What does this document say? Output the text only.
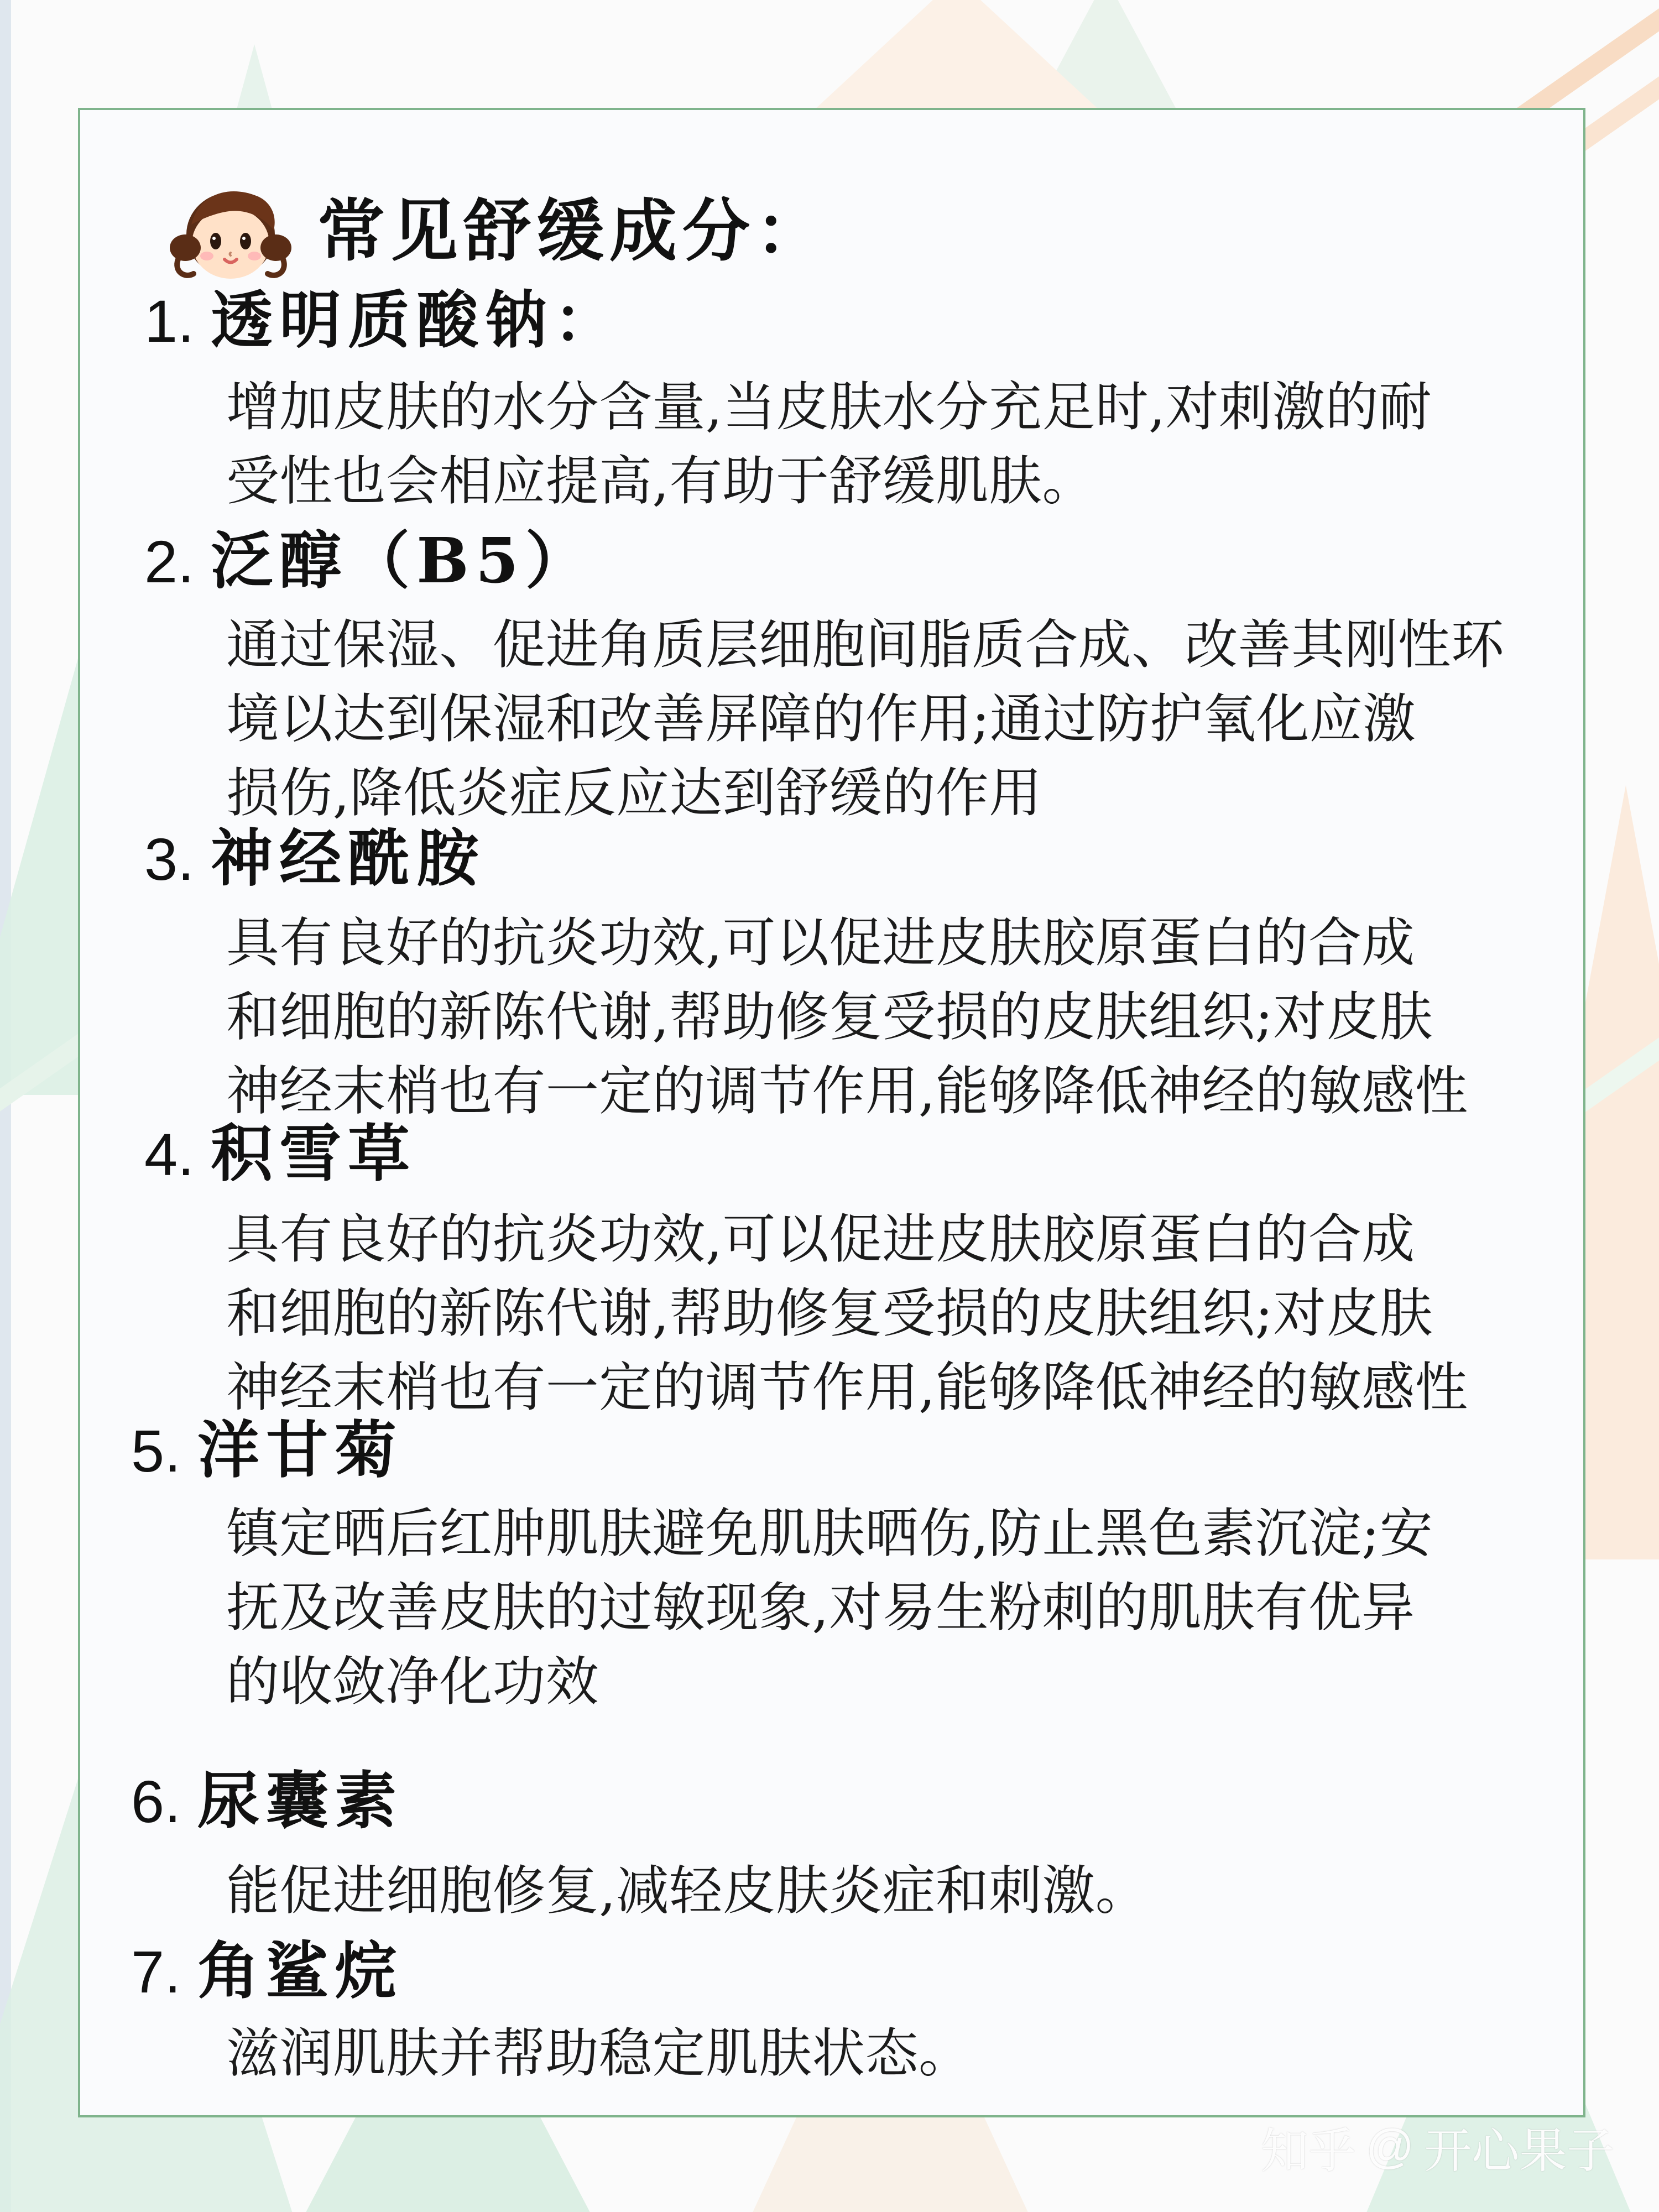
常见舒缓成分：
1. 透明质酸钠：
增加皮肤的水分含量,当皮肤水分充足时,对刺激的耐
受性也会相应提高,有助于舒缓肌肤。
2. 泛醇（B5）
通过保湿、促进角质层细胞间脂质合成、改善其刚性环
境以达到保湿和改善屏障的作用;通过防护氧化应激
损伤,降低炎症反应达到舒缓的作用
3. 神经酰胺
具有良好的抗炎功效,可以促进皮肤胶原蛋白的合成
和细胞的新陈代谢,帮助修复受损的皮肤组织;对皮肤
神经末梢也有一定的调节作用,能够降低神经的敏感性
4. 积雪草
具有良好的抗炎功效,可以促进皮肤胶原蛋白的合成
和细胞的新陈代谢,帮助修复受损的皮肤组织;对皮肤
神经末梢也有一定的调节作用,能够降低神经的敏感性
5. 洋甘菊
镇定晒后红肿肌肤避免肌肤晒伤,防止黑色素沉淀;安
抚及改善皮肤的过敏现象,对易生粉刺的肌肤有优异
的收敛净化功效
6. 尿囊素
能促进细胞修复,减轻皮肤炎症和刺激。
7. 角鲨烷
滋润肌肤并帮助稳定肌肤状态。
知乎 @ 开心果子
